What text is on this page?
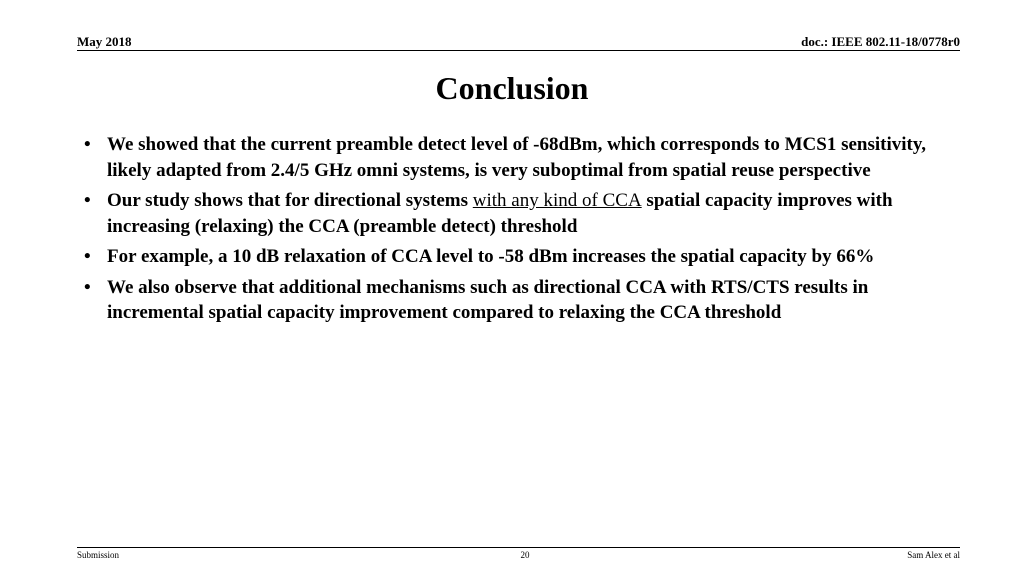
May 2018	doc.: IEEE 802.11-18/0778r0
Conclusion
• We showed that the current preamble detect level of -68dBm, which corresponds to MCS1 sensitivity, likely adapted from 2.4/5 GHz omni systems, is very suboptimal from spatial reuse perspective
• Our study shows that for directional systems with any kind of CCA spatial capacity improves with increasing (relaxing) the CCA (preamble detect) threshold
• For example, a 10 dB relaxation of CCA level to -58 dBm increases the spatial capacity by 66%
• We also observe that additional mechanisms such as directional CCA with RTS/CTS results in incremental spatial capacity improvement compared to relaxing the CCA threshold
Submission	20	Sam Alex et al
